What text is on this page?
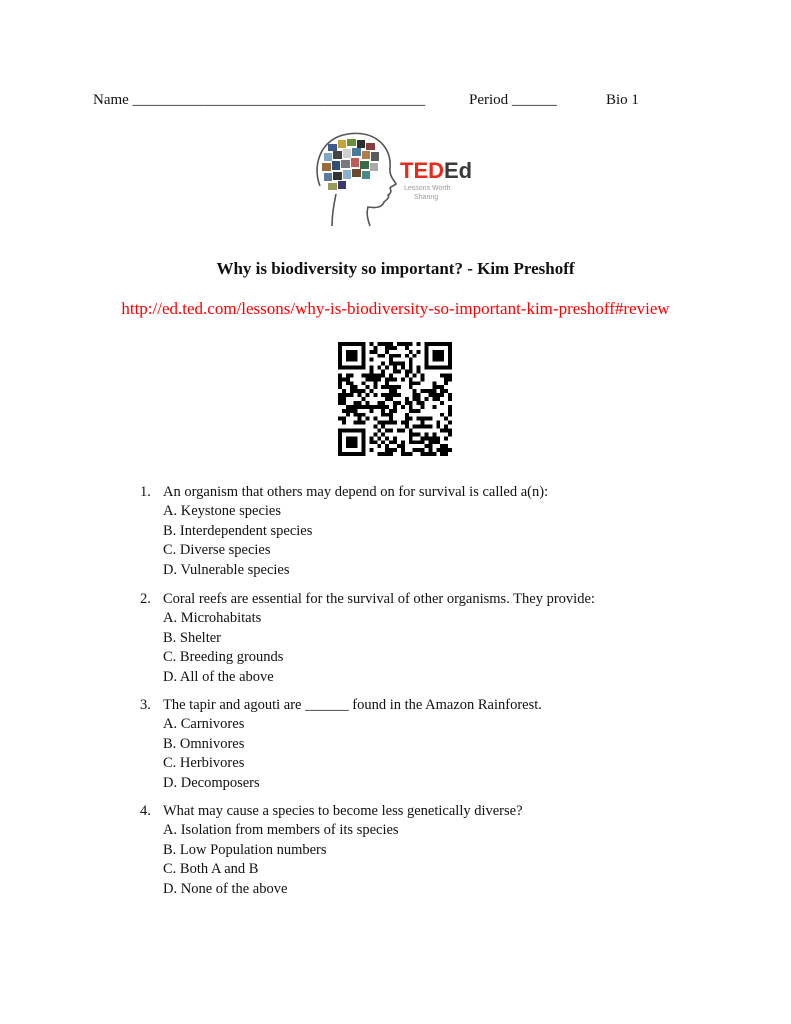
Name _______________________________________	Period ______	Bio 1
TED Ed
Lessons Worth
Sharing
Why is biodiversity so important? - Kim Preshoff
http://ed.ted.com/lessons/why-is-biodiversity-so-important-kim-preshoff#review
1. An organism that others may depend on for survival is called a(n):
A. Keystone species
B. Interdependent species
C. Diverse species
D. Vulnerable species
2. Coral reefs are essential for the survival of other organisms. They provide:
A. Microhabitats
B. Shelter
C. Breeding grounds
D. All of the above
3. The tapir and agouti are ______ found in the Amazon Rainforest.
A. Carnivores
B. Omnivores
C. Herbivores
D. Decomposers
4. What may cause a species to become less genetically diverse?
A. Isolation from members of its species
B. Low Population numbers
C. Both A and B
D. None of the above
